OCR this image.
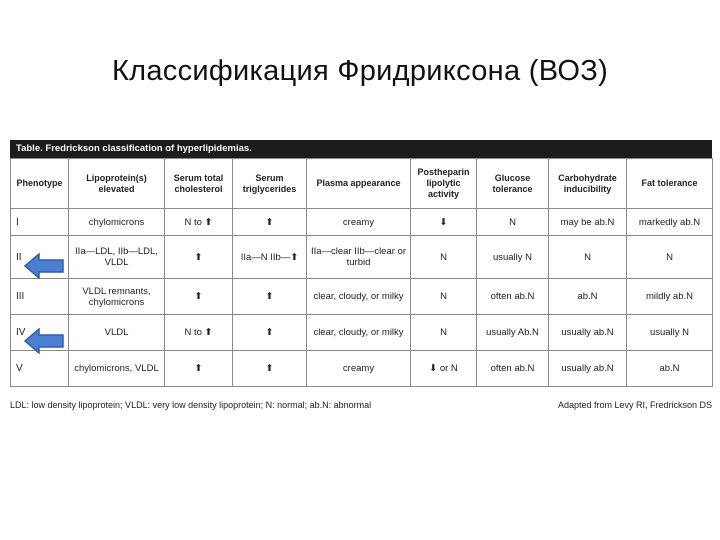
Классификация Фридриксона (ВОЗ)
Table. Fredrickson classification of hyperlipidemias.
Phenotype	Lipoprotein(s) elevated	Serum total cholesterol	Serum triglycerides	Plasma appearance	Postheparin lipolytic activity	Glucose tolerance	Carbohydrate inducibility	Fat tolerance
I	chylomicrons	N to ⬆	⬆	creamy	⬇	N	may be ab.N	markedly ab.N
II	IIa—LDL, IIb—LDL, VLDL	⬆	IIa—N IIb—⬆	IIa—clear IIb—clear or turbid	N	usually N	N	N
III	VLDL remnants, chylomicrons	⬆	⬆	clear, cloudy, or milky	N	often ab.N	ab.N	mildly ab.N
IV	VLDL	N to ⬆	⬆	clear, cloudy, or milky	N	usually Ab.N	usually ab.N	usually N
V	chylomicrons, VLDL	⬆	⬆	creamy	⬇ or N	often ab.N	usually ab.N	ab.N
LDL: low density lipoprotein; VLDL: very low density lipoprotein; N: normal; ab.N: abnormal	Adapted from Levy RI, Fredrickson DS
